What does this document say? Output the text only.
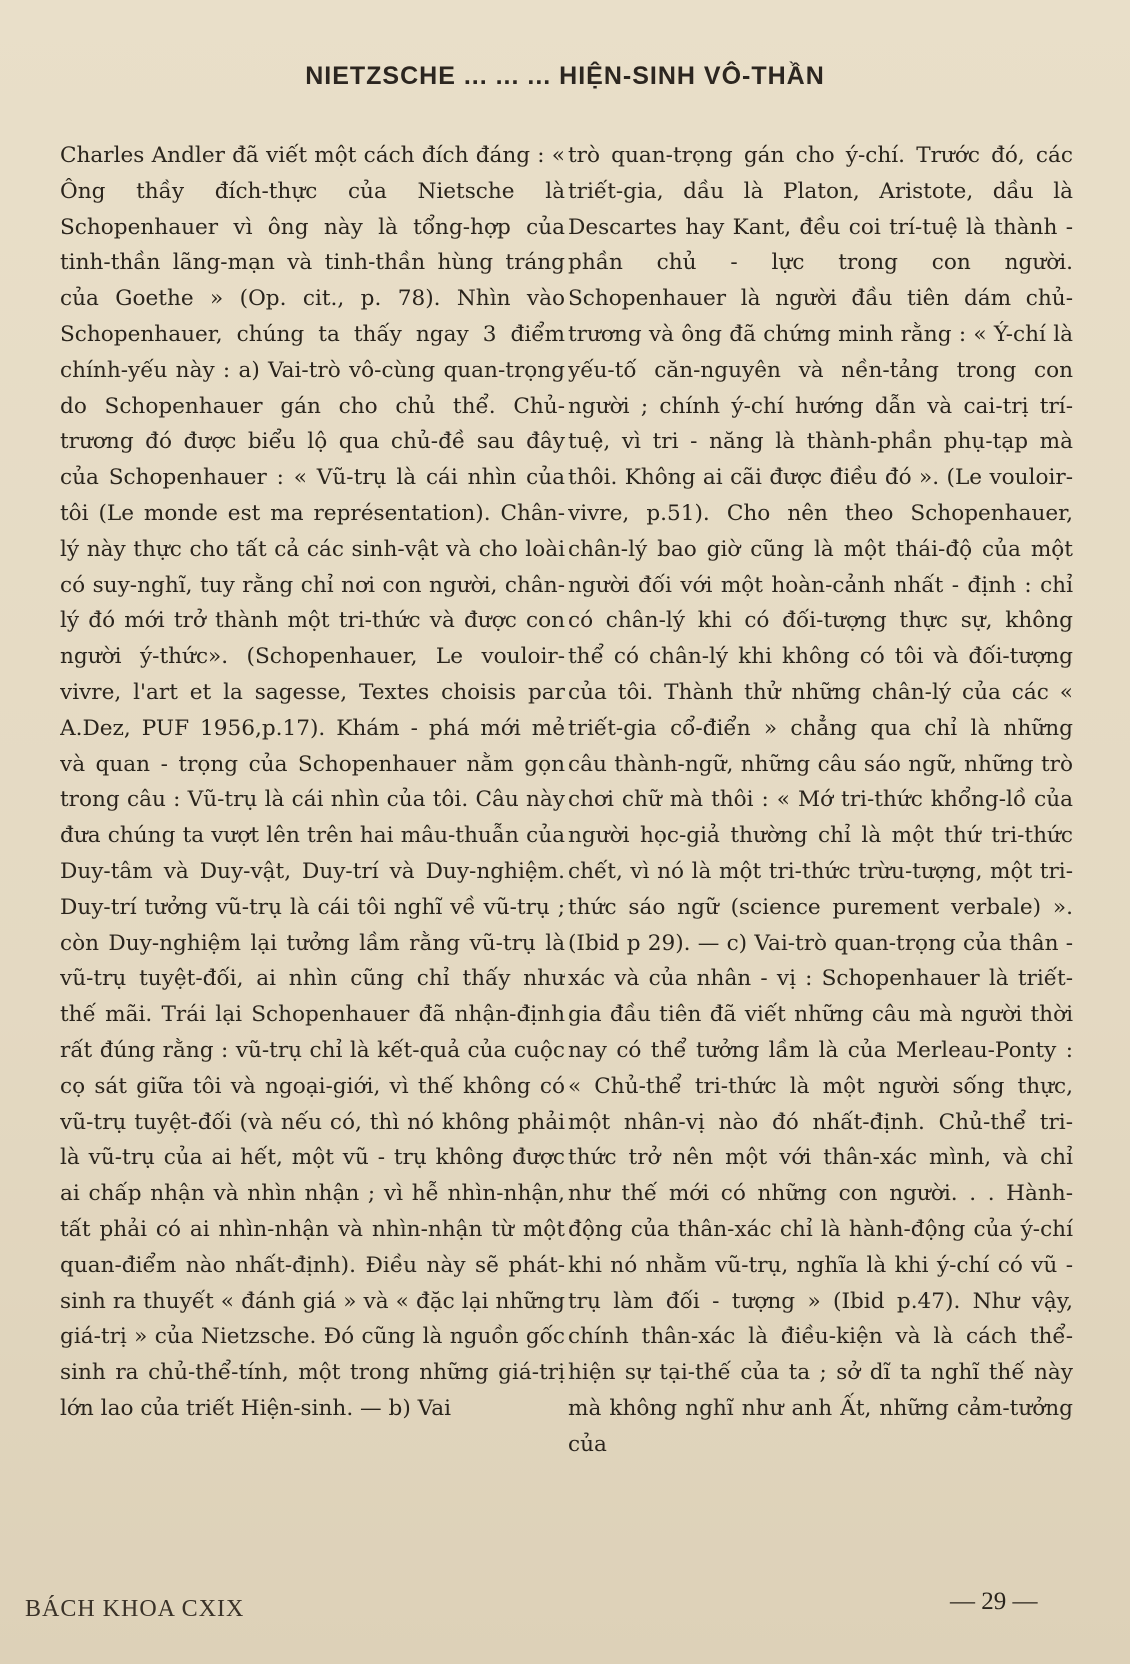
NIETZSCHE ... ... ... HIỆN-SINH VÔ-THẦN

Charles Andler đã viết một cách đích đáng : « Ông thầy đích-thực của Nietsche là Schopenhauer vì ông này là tổng-hợp của tinh-thần lãng-mạn và tinh-thần hùng tráng của Goethe » (Op. cit., p. 78). Nhìn vào Schopenhauer, chúng ta thấy ngay 3 điểm chính-yếu này : a) Vai-trò vô-cùng quan-trọng do Schopenhauer gán cho chủ thể. Chủ-trương đó được biểu lộ qua chủ-đề sau đây của Schopenhauer : « Vũ-trụ là cái nhìn của tôi (Le monde est ma représentation). Chân-lý này thực cho tất cả các sinh-vật và cho loài có suy-nghĩ, tuy rằng chỉ nơi con người, chân-lý đó mới trở thành một tri-thức và được con người ý-thức». (Schopenhauer, Le vouloir-vivre, l'art et la sagesse, Textes choisis par A.Dez, PUF 1956,p.17). Khám - phá mới mẻ và quan - trọng của Schopenhauer nằm gọn trong câu : Vũ-trụ là cái nhìn của tôi. Câu này đưa chúng ta vượt lên trên hai mâu-thuẫn của Duy-tâm và Duy-vật, Duy-trí và Duy-nghiệm. Duy-trí tưởng vũ-trụ là cái tôi nghĩ về vũ-trụ ; còn Duy-nghiệm lại tưởng lầm rằng vũ-trụ là vũ-trụ tuyệt-đối, ai nhìn cũng chỉ thấy như thế mãi. Trái lại Schopenhauer đã nhận-định rất đúng rằng : vũ-trụ chỉ là kết-quả của cuộc cọ sát giữa tôi và ngoại-giới, vì thế không có vũ-trụ tuyệt-đối (và nếu có, thì nó không phải là vũ-trụ của ai hết, một vũ - trụ không được ai chấp nhận và nhìn nhận ; vì hễ nhìn-nhận, tất phải có ai nhìn-nhận và nhìn-nhận từ một quan-điểm nào nhất-định). Điều này sẽ phát-sinh ra thuyết « đánh giá » và « đặc lại những giá-trị » của Nietzsche. Đó cũng là nguồn gốc sinh ra chủ-thể-tính, một trong những giá-trị lớn lao của triết Hiện-sinh. — b) Vai

trò quan-trọng gán cho ý-chí. Trước đó, các triết-gia, dầu là Platon, Aristote, dầu là Descartes hay Kant, đều coi trí-tuệ là thành - phần chủ - lực trong con người. Schopenhauer là người đầu tiên dám chủ-trương và ông đã chứng minh rằng : « Ý-chí là yếu-tố căn-nguyên và nền-tảng trong con người ; chính ý-chí hướng dẫn và cai-trị trí-tuệ, vì tri - năng là thành-phần phụ-tạp mà thôi. Không ai cãi được điều đó ». (Le vouloir-vivre, p.51). Cho nên theo Schopenhauer, chân-lý bao giờ cũng là một thái-độ của một người đối với một hoàn-cảnh nhất - định : chỉ có chân-lý khi có đối-tượng thực sự, không thể có chân-lý khi không có tôi và đối-tượng của tôi. Thành thử những chân-lý của các « triết-gia cổ-điển » chẳng qua chỉ là những câu thành-ngữ, những câu sáo ngữ, những trò chơi chữ mà thôi : « Mớ tri-thức khổng-lồ của người học-giả thường chỉ là một thứ tri-thức chết, vì nó là một tri-thức trừu-tượng, một tri-thức sáo ngữ (science purement verbale) ». (Ibid p 29). — c) Vai-trò quan-trọng của thân - xác và của nhân - vị : Schopenhauer là triết-gia đầu tiên đã viết những câu mà người thời nay có thể tưởng lầm là của Merleau-Ponty : « Chủ-thể tri-thức là một người sống thực, một nhân-vị nào đó nhất-định. Chủ-thể tri-thức trở nên một với thân-xác mình, và chỉ như thế mới có những con người. . . Hành-động của thân-xác chỉ là hành-động của ý-chí khi nó nhằm vũ-trụ, nghĩa là khi ý-chí có vũ - trụ làm đối - tượng » (Ibid p.47). Như vậy, chính thân-xác là điều-kiện và là cách thể-hiện sự tại-thế của ta ; sở dĩ ta nghĩ thế này mà không nghĩ như anh Ất, những cảm-tưởng của

BÁCH KHOA CXIX	— 29 —
